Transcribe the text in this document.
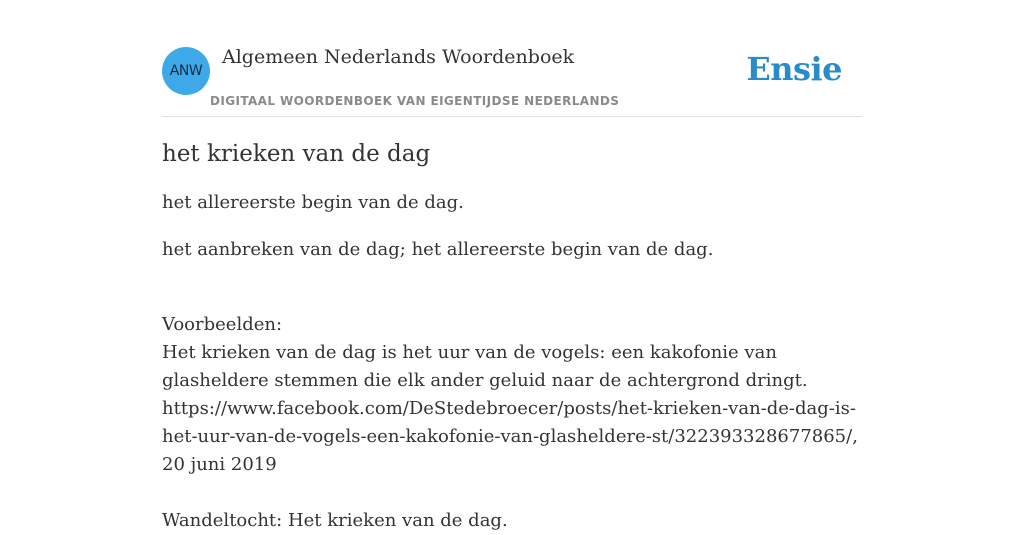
ANW
Algemeen Nederlands Woordenboek
DIGITAAL WOORDENBOEK VAN EIGENTIJDSE NEDERLANDS
Ensie
het krieken van de dag

het allereerste begin van de dag.

het aanbreken van de dag; het allereerste begin van de dag.

Voorbeelden:
Het krieken van de dag is het uur van de vogels: een kakofonie van glasheldere stemmen die elk ander geluid naar de achtergrond dringt. https://www.facebook.com/DeStedebroecer/posts/het-krieken-van-de-dag-is-het-uur-van-de-vogels-een-kakofonie-van-glasheldere-st/322393328677865/, 20 juni 2019
Wandeltocht: Het krieken van de dag.
